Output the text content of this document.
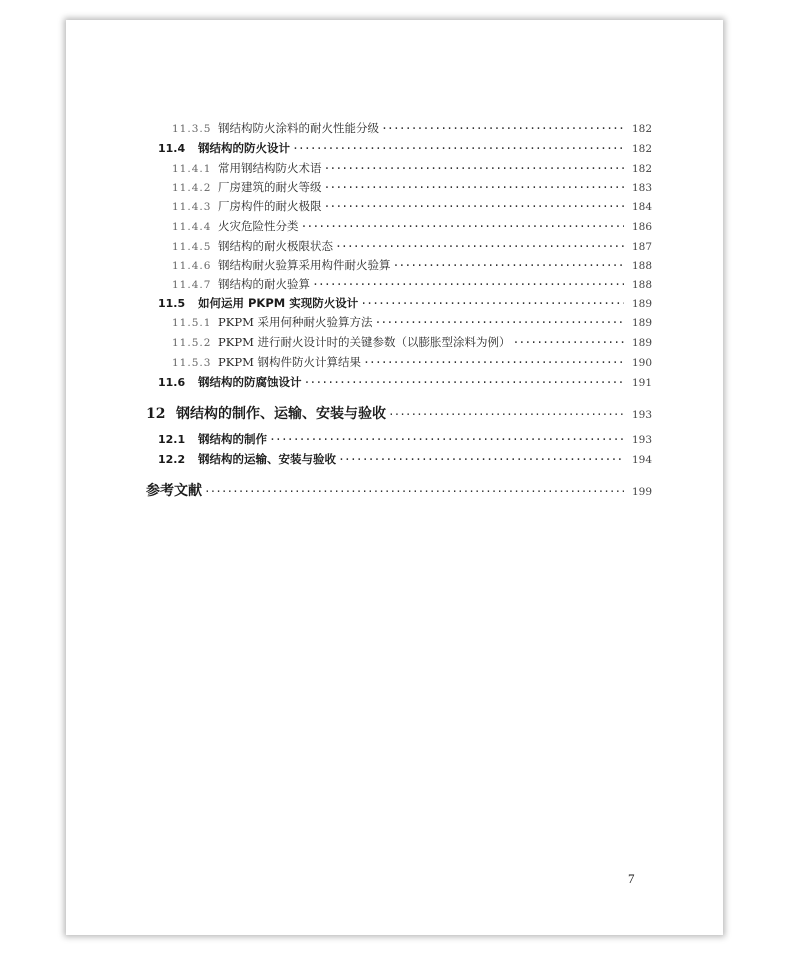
11.3.5 钢结构防火涂料的耐火性能分级 ·····	182
11.4	钢结构的防火设计 ·····	182
11.4.1 常用钢结构防火术语 ·····	182
11.4.2 厂房建筑的耐火等级 ·····	183
11.4.3 厂房构件的耐火极限 ·····	184
11.4.4 火灾危险性分类 ·····	186
11.4.5 钢结构的耐火极限状态 ·····	187
11.4.6 钢结构耐火验算采用构件耐火验算 ·····	188
11.4.7 钢结构的耐火验算 ·····	188
11.5	如何运用 PKPM 实现防火设计 ·····	189
11.5.1 PKPM 采用何种耐火验算方法 ·····	189
11.5.2 PKPM 进行耐火设计时的关键参数（以膨胀型涂料为例） ·····	189
11.5.3 PKPM 钢构件防火计算结果 ·····	190
11.6	钢结构的防腐蚀设计 ·····	191
12 钢结构的制作、运输、安装与验收 ·····	193
12.1	钢结构的制作 ·····	193
12.2	钢结构的运输、安装与验收 ·····	194
参考文献 ·····	199
7
